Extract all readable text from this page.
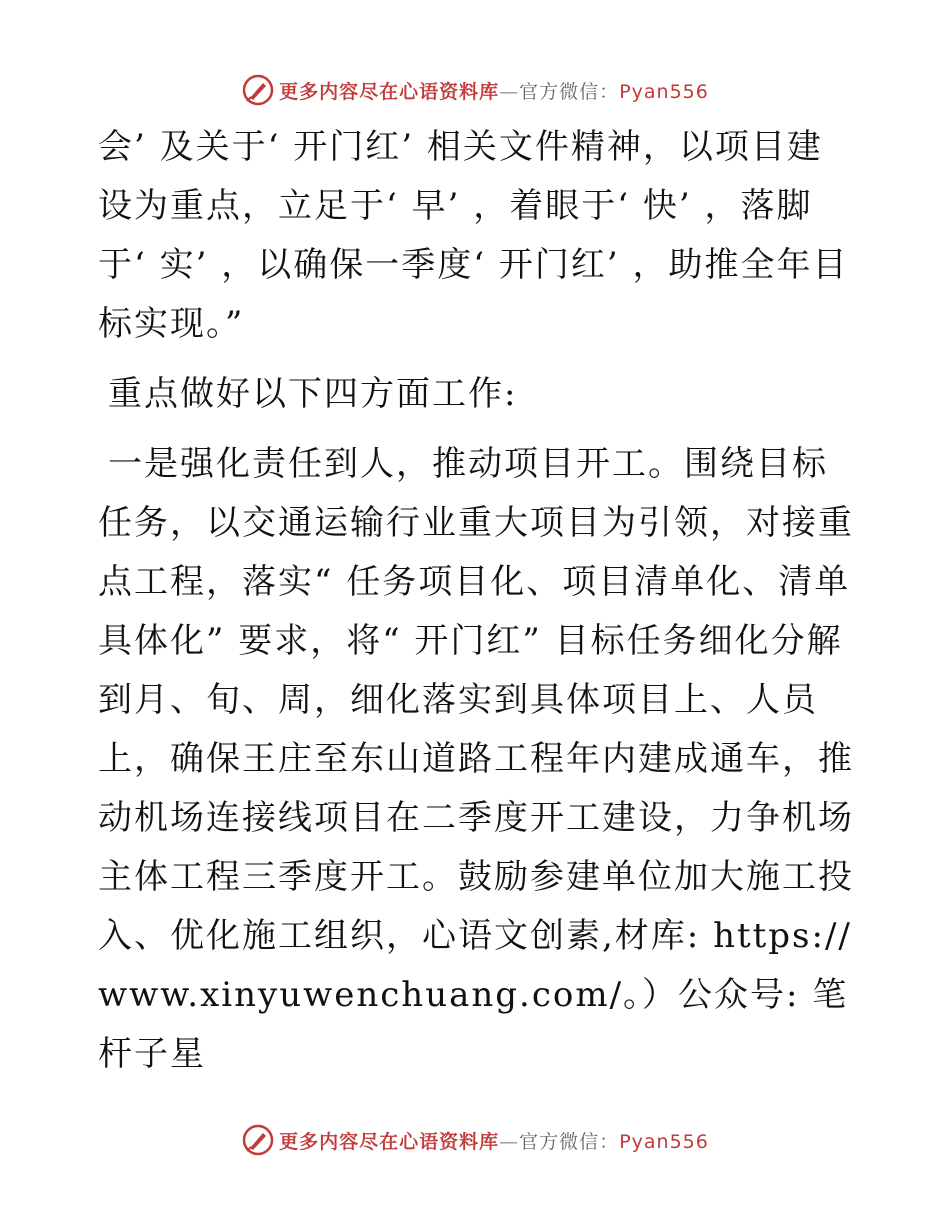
更多内容尽在心语资料库—官方微信：Pyan556

会’ 及关于‘ 开门红’ 相关文件精神，以项目建设为重点，立足于‘ 早’ ，着眼于‘ 快’ ，落脚于‘ 实’ ，以确保一季度‘ 开门红’ ，助推全年目标实现。”

重点做好以下四方面工作:

一是强化责任到人，推动项目开工。围绕目标任务，以交通运输行业重大项目为引领，对接重点工程，落实“ 任务项目化、项目清单化、清单具体化” 要求，将“ 开门红” 目标任务细化分解到月、旬、周，细化落实到具体项目上、人员上，确保王庄至东山道路工程年内建成通车，推动机场连接线项目在二季度开工建设，力争机场主体工程三季度开工。鼓励参建单位加大施工投入、优化施工组织，心语文创素,材库: https://www.xinyuwenchuang.com/。）公众号: 笔杆子星

更多内容尽在心语资料库—官方微信：Pyan556
